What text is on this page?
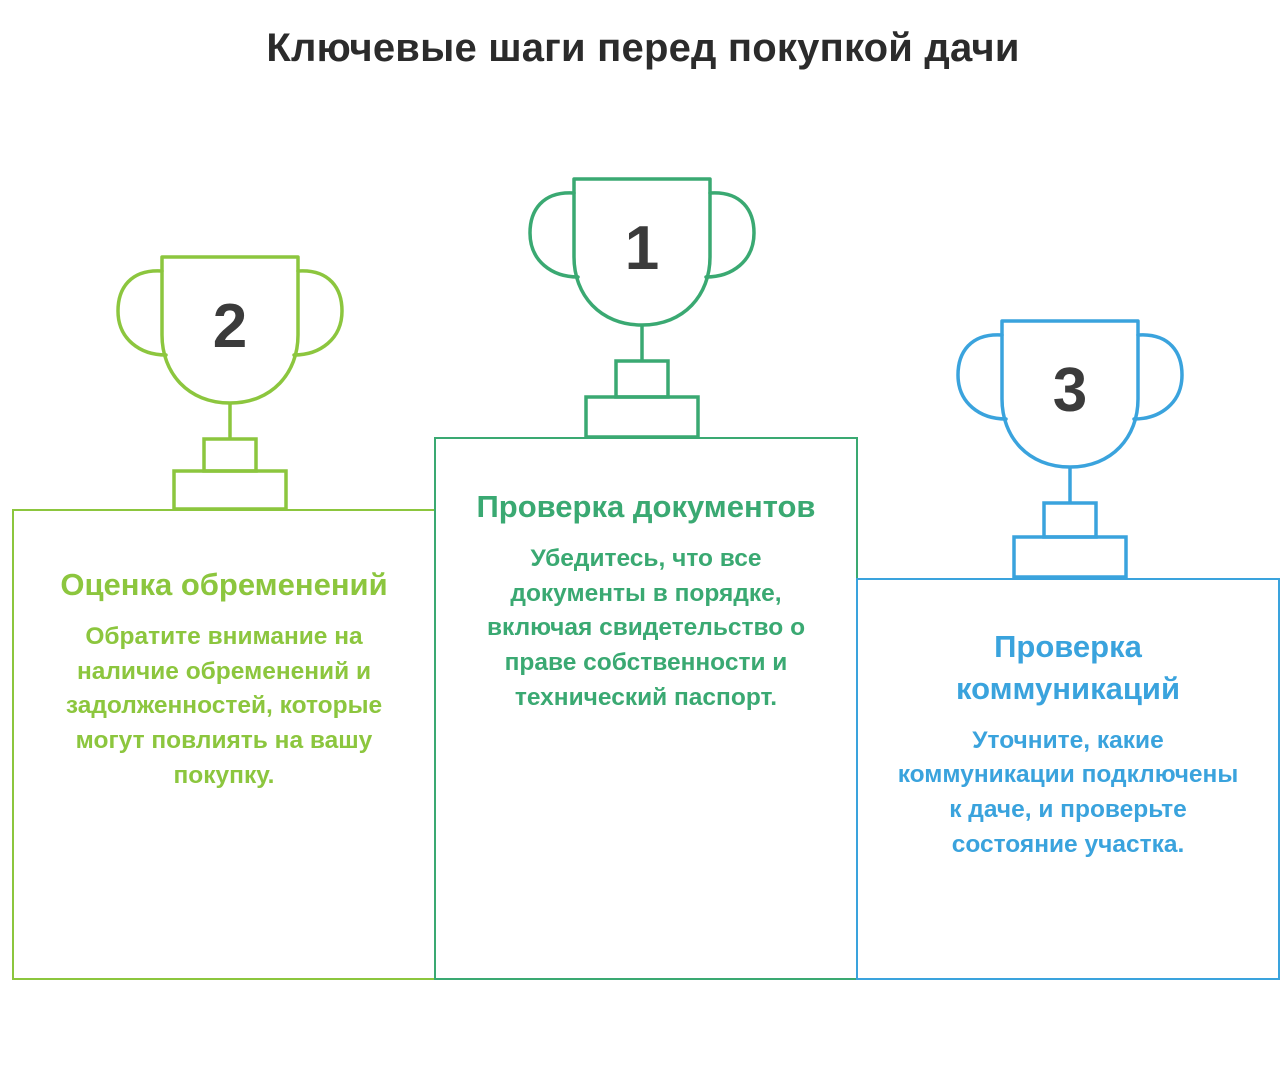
Ключевые шаги перед покупкой дачи
Оценка обременений
Обратите внимание на наличие обременений и задолженностей, которые могут повлиять на вашу покупку.
Проверка документов
Убедитесь, что все документы в порядке, включая свидетельство о праве собственности и технический паспорт.
Проверка коммуникаций
Уточните, какие коммуникации подключены к даче, и проверьте состояние участка.
2
1
3
